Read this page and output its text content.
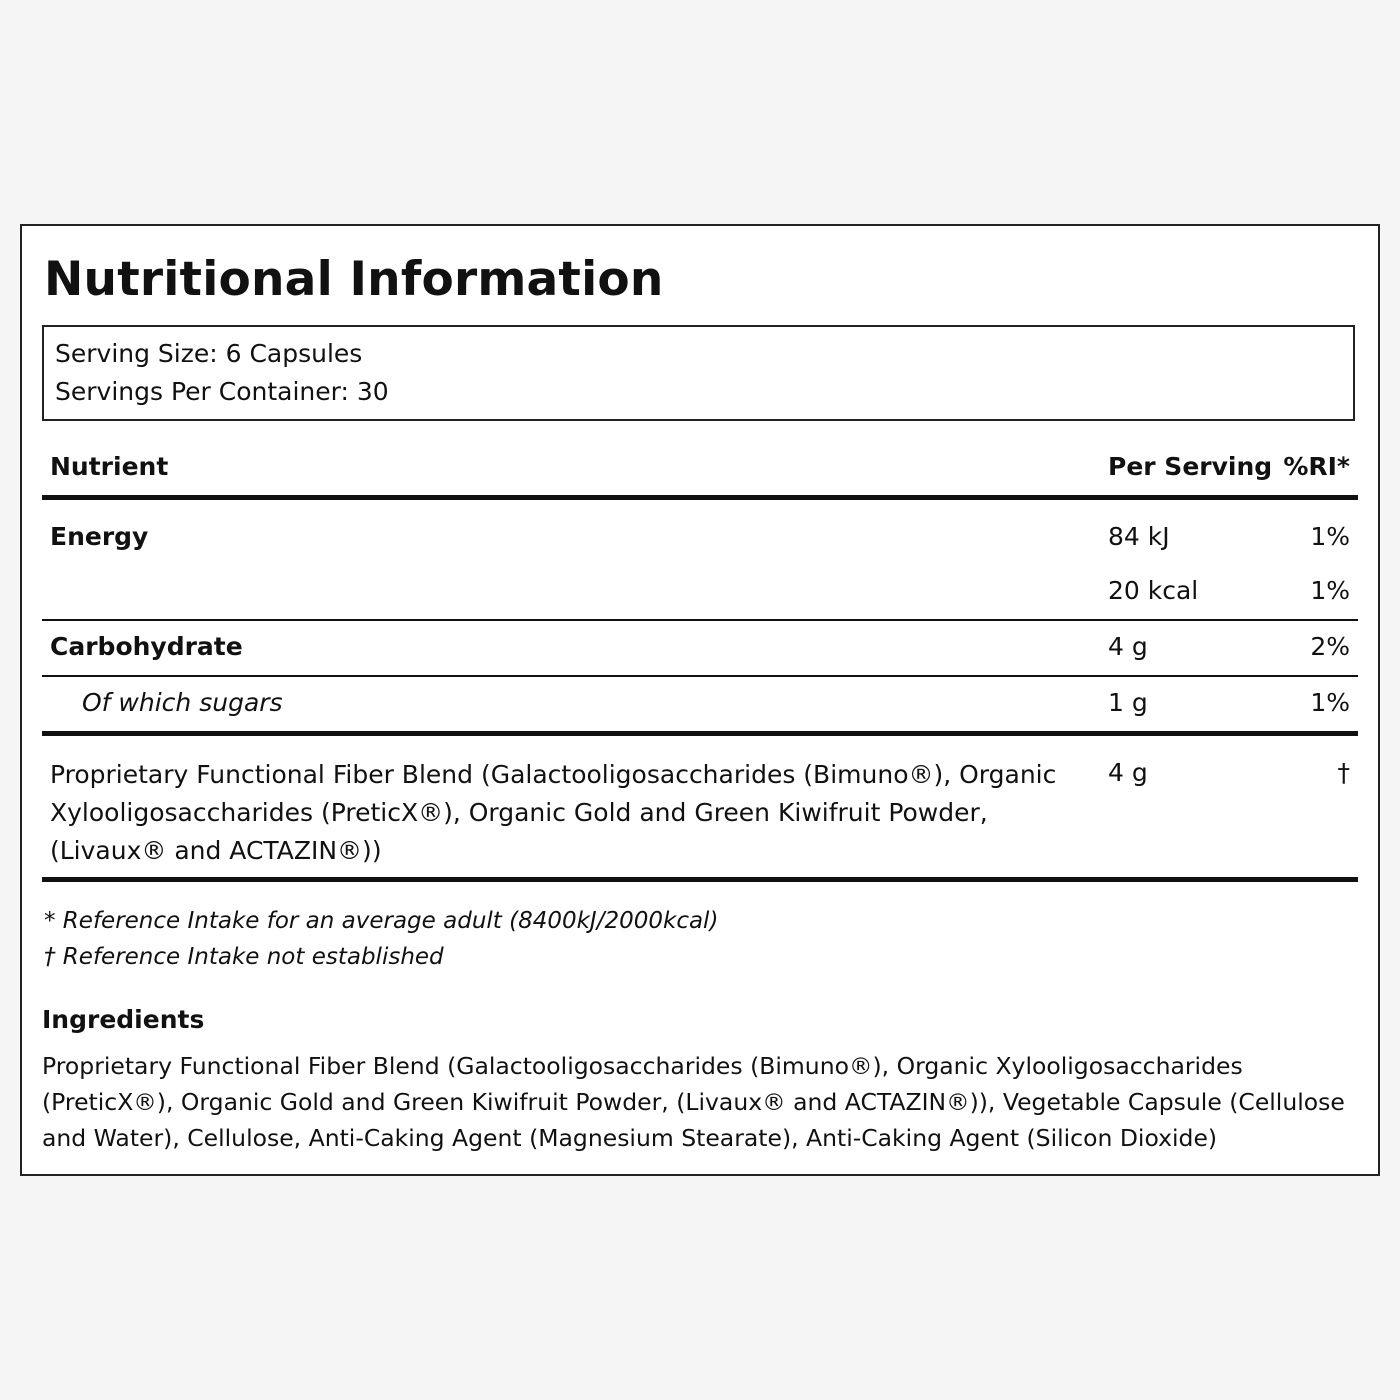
Nutritional Information
Serving Size: 6 Capsules
Servings Per Container: 30
Nutrient	Per Serving %RI*
Energy	84 kJ	1%
20 kcal	1%
Carbohydrate	4 g	2%
Of which sugars	1 g	1%
Proprietary Functional Fiber Blend (Galactooligosaccharides (Bimuno®), Organic Xylooligosaccharides (PreticX®), Organic Gold and Green Kiwifruit Powder, (Livaux® and ACTAZIN®))
4 g	†
* Reference Intake for an average adult (8400kJ/2000kcal)
† Reference Intake not established
Ingredients
Proprietary Functional Fiber Blend (Galactooligosaccharides (Bimuno®), Organic Xylooligosaccharides (PreticX®), Organic Gold and Green Kiwifruit Powder, (Livaux® and ACTAZIN®)), Vegetable Capsule (Cellulose and Water), Cellulose, Anti-Caking Agent (Magnesium Stearate), Anti-Caking Agent (Silicon Dioxide)
